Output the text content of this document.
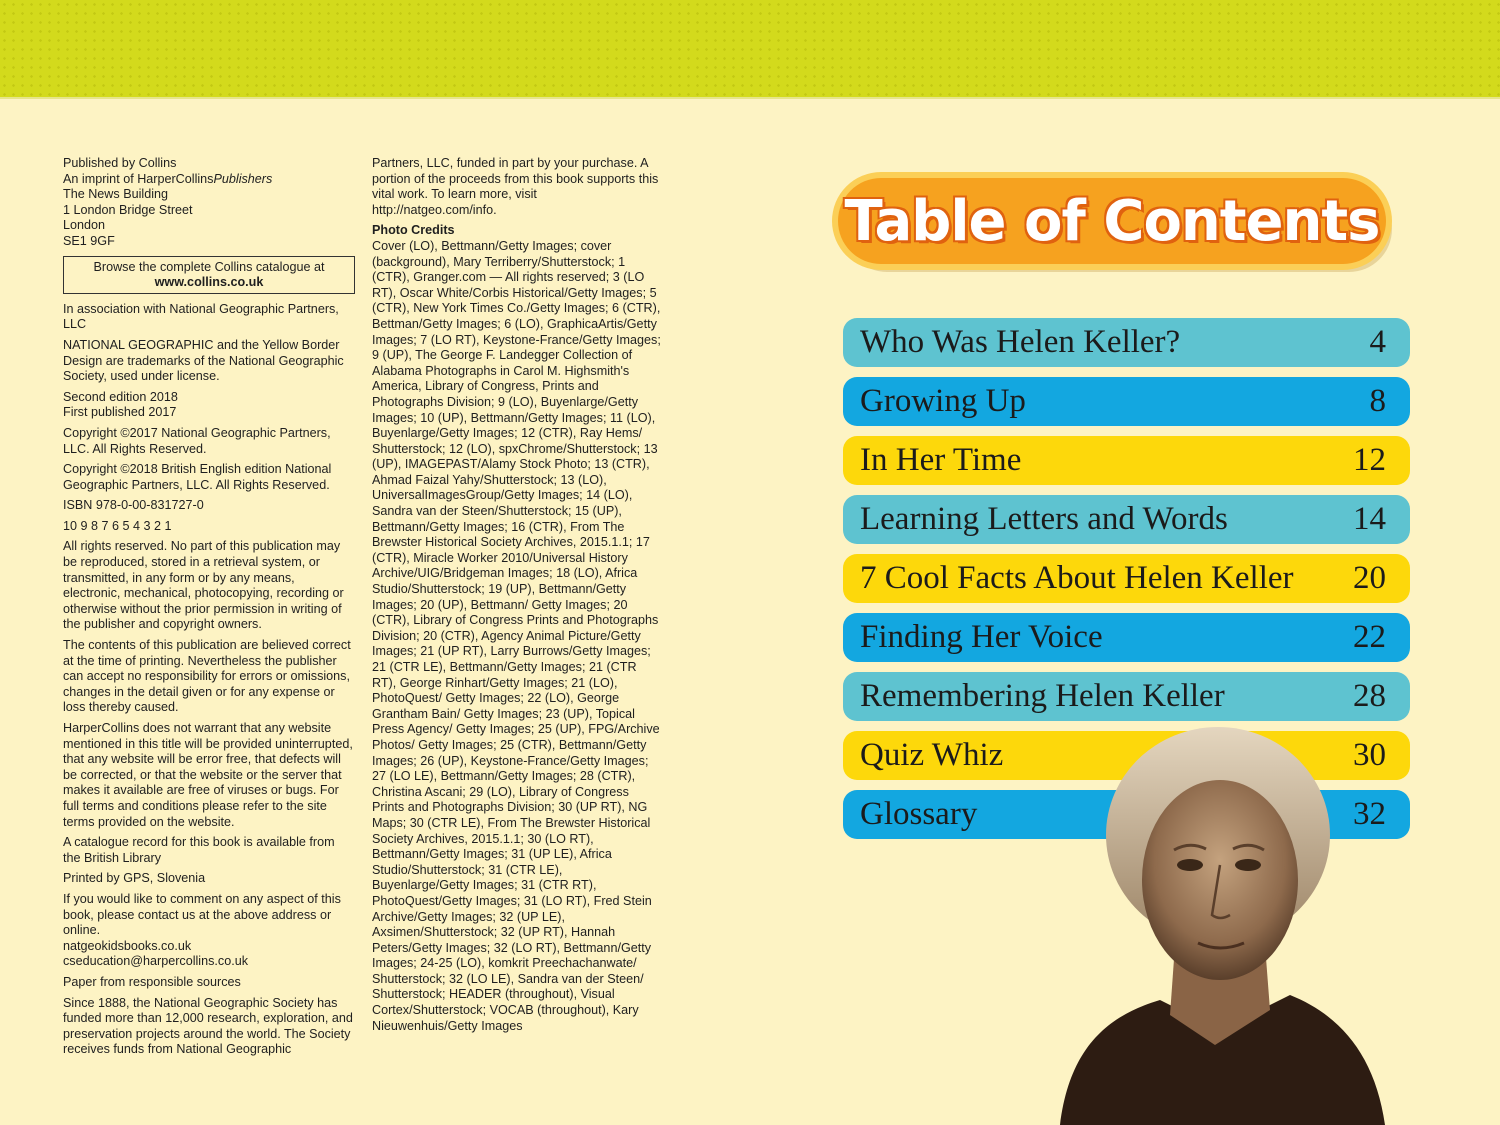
Published by Collins
An imprint of HarperCollinsPublishers
The News Building
1 London Bridge Street
London
SE1 9GF
Browse the complete Collins catalogue at
www.collins.co.uk
In association with National Geographic Partners, LLC
NATIONAL GEOGRAPHIC and the Yellow Border Design are trademarks of the National Geographic Society, used under license.
Second edition 2018
First published 2017
Copyright ©2017 National Geographic Partners, LLC. All Rights Reserved.
Copyright ©2018 British English edition National Geographic Partners, LLC. All Rights Reserved.
ISBN 978-0-00-831727-0
10 9 8 7 6 5 4 3 2 1
All rights reserved. No part of this publication may be reproduced, stored in a retrieval system, or transmitted, in any form or by any means, electronic, mechanical, photocopying, recording or otherwise without the prior permission in writing of the publisher and copyright owners.
The contents of this publication are believed correct at the time of printing. Nevertheless the publisher can accept no responsibility for errors or omissions, changes in the detail given or for any expense or loss thereby caused.
HarperCollins does not warrant that any website mentioned in this title will be provided uninterrupted, that any website will be error free, that defects will be corrected, or that the website or the server that makes it available are free of viruses or bugs. For full terms and conditions please refer to the site terms provided on the website.
A catalogue record for this book is available from the British Library
Printed by GPS, Slovenia
If you would like to comment on any aspect of this book, please contact us at the above address or online.
natgeokidsbooks.co.uk
cseducation@harpercollins.co.uk
Paper from responsible sources
Since 1888, the National Geographic Society has funded more than 12,000 research, exploration, and preservation projects around the world. The Society receives funds from National Geographic
Partners, LLC, funded in part by your purchase. A portion of the proceeds from this book supports this vital work. To learn more, visit http://natgeo.com/info.
Photo Credits
Cover (LO), Bettmann/Getty Images; cover (background), Mary Terriberry/Shutterstock; 1 (CTR), Granger.com — All rights reserved; 3 (LO RT), Oscar White/Corbis Historical/Getty Images; 5 (CTR), New York Times Co./Getty Images; 6 (CTR), Bettman/Getty Images; 6 (LO), GraphicaArtis/Getty Images; 7 (LO RT), Keystone-France/Getty Images; 9 (UP), The George F. Landegger Collection of Alabama Photographs in Carol M. Highsmith's America, Library of Congress, Prints and Photographs Division; 9 (LO), Buyenlarge/Getty Images; 10 (UP), Bettmann/Getty Images; 11 (LO), Buyenlarge/Getty Images; 12 (CTR), Ray Hems/ Shutterstock; 12 (LO), spxChrome/Shutterstock; 13 (UP), IMAGEPAST/Alamy Stock Photo; 13 (CTR), Ahmad Faizal Yahy/Shutterstock; 13 (LO), UniversalImagesGroup/Getty Images; 14 (LO), Sandra van der Steen/Shutterstock; 15 (UP), Bettmann/Getty Images; 16 (CTR), From The Brewster Historical Society Archives, 2015.1.1; 17 (CTR), Miracle Worker 2010/Universal History Archive/UIG/Bridgeman Images; 18 (LO), Africa Studio/Shutterstock; 19 (UP), Bettmann/Getty Images; 20 (UP), Bettmann/ Getty Images; 20 (CTR), Library of Congress Prints and Photographs Division; 20 (CTR), Agency Animal Picture/Getty Images; 21 (UP RT), Larry Burrows/Getty Images; 21 (CTR LE), Bettmann/Getty Images; 21 (CTR RT), George Rinhart/Getty Images; 21 (LO), PhotoQuest/ Getty Images; 22 (LO), George Grantham Bain/ Getty Images; 23 (UP), Topical Press Agency/ Getty Images; 25 (UP), FPG/Archive Photos/ Getty Images; 25 (CTR), Bettmann/Getty Images; 26 (UP), Keystone-France/Getty Images; 27 (LO LE), Bettmann/Getty Images; 28 (CTR), Christina Ascani; 29 (LO), Library of Congress Prints and Photographs Division; 30 (UP RT), NG Maps; 30 (CTR LE), From The Brewster Historical Society Archives, 2015.1.1; 30 (LO RT), Bettmann/Getty Images; 31 (UP LE), Africa Studio/Shutterstock; 31 (CTR LE), Buyenlarge/Getty Images; 31 (CTR RT), PhotoQuest/Getty Images; 31 (LO RT), Fred Stein Archive/Getty Images; 32 (UP LE), Axsimen/Shutterstock; 32 (UP RT), Hannah Peters/Getty Images; 32 (LO RT), Bettmann/Getty Images; 24-25 (LO), komkrit Preechachanwate/ Shutterstock; 32 (LO LE), Sandra van der Steen/ Shutterstock; HEADER (throughout), Visual Cortex/Shutterstock; VOCAB (throughout), Kary Nieuwenhuis/Getty Images
Table of Contents
Who Was Helen Keller?	4
Growing Up	8
In Her Time	12
Learning Letters and Words	14
7 Cool Facts About Helen Keller 20
Finding Her Voice	22
Remembering Helen Keller	28
Quiz Whiz	30
Glossary	32
